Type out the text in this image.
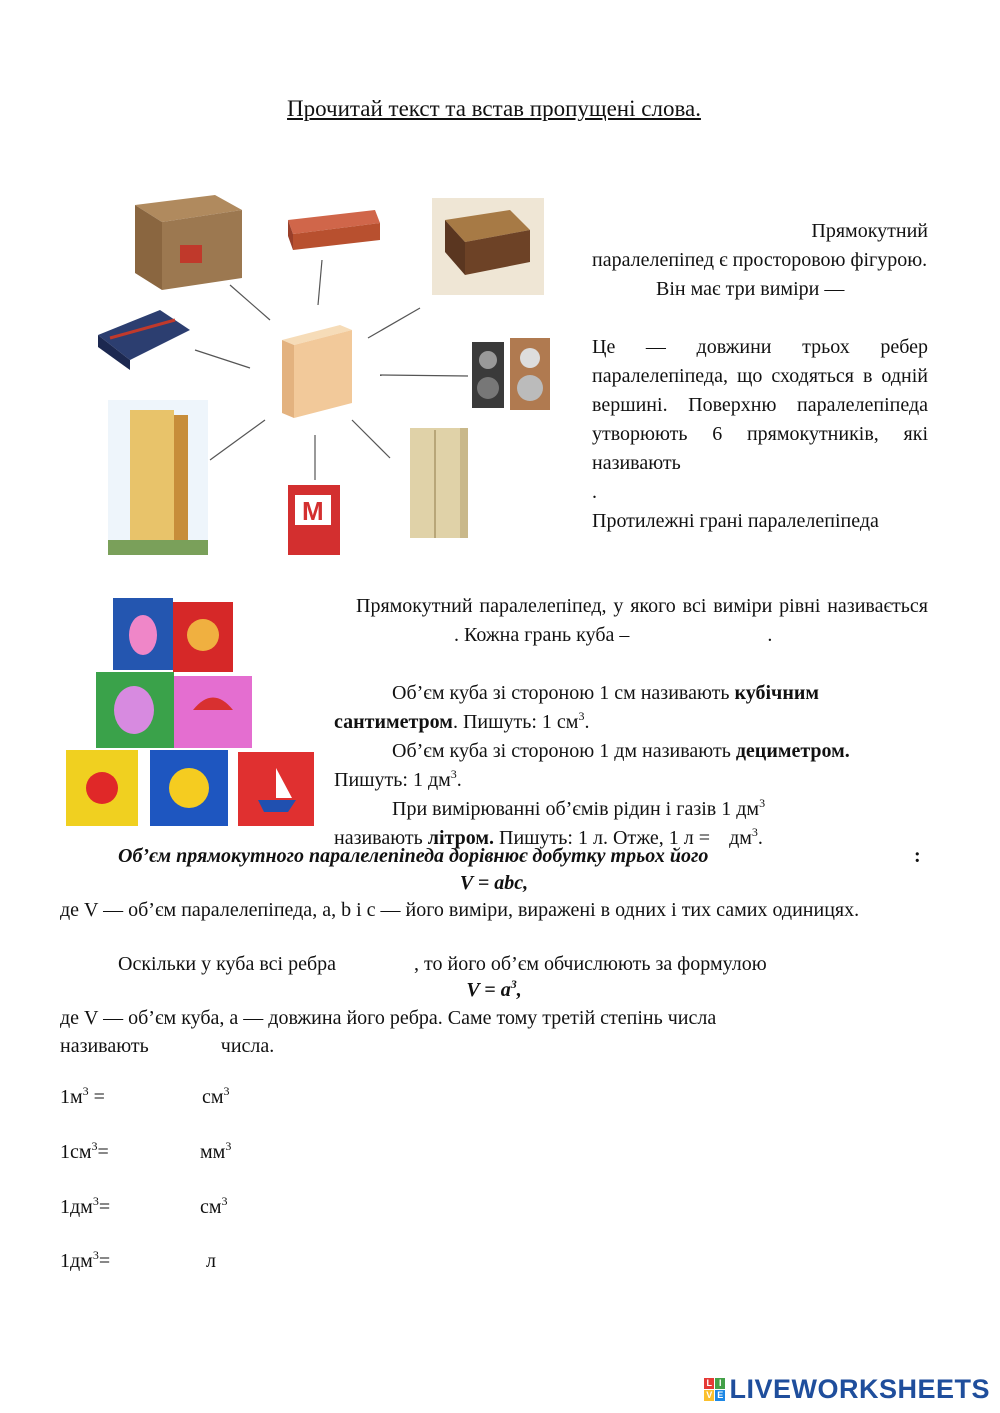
Прочитай текст та встав пропущені слова.
M

Прямокутний

паралелепіпед є просторовою фігурою.

Він має три виміри —

Це — довжини трьох ребер паралелепіпеда, що сходяться в одній вершині. Поверхню паралелепіпеда утворюють 6 прямокутників, які називають

.

Протилежні грані паралелепіпеда

Прямокутний паралелепіпед, у якого всі виміри рівні називається. Кожна грань куба –	.

Об’єм куба зі стороною 1 см називають кубічним сантиметром. Пишуть: 1 $см^3$.

Об’єм куба зі стороною 1 дм називають дециметром. Пишуть: 1 $дм^3$.

При вимірюванні об’ємів рідин і газів 1 $дм^3$

називають літром. Пишуть: 1 л. Отже, 1 $л = дм^3$.

Об’єм прямокутного паралелепіпеда дорівнює добутку трьох його	:
V = abc,
де V — об’єм паралелепіпеда, a, b і c — його виміри, виражені в одних і тих самих одиницях.
Оскільки у куба всі ребра	, то його об’єм обчислюють за формулою
$V = a^3$,
де V — об’єм куба, a — довжина його ребра. Саме тому третій степінь числа
називають	числа.
$1м^3$ =	$см^3$
$1см^3=$	$мм^3$
$1дм^3=$	$см^3$
$1дм^3=$	л
L I
V E LIVEWORKSHEETS
